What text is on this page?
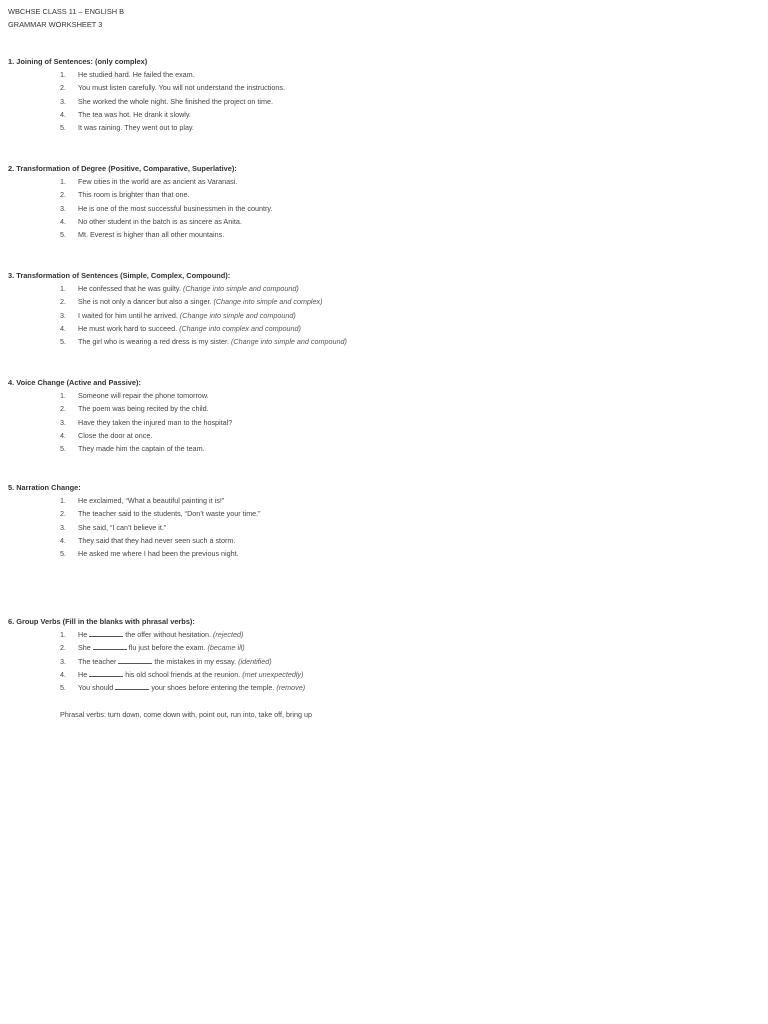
WBCHSE CLASS 11 – ENGLISH B
GRAMMAR WORKSHEET 3
1. Joining of Sentences: (only complex)
1. He studied hard. He failed the exam.
2. You must listen carefully. You will not understand the instructions.
3. She worked the whole night. She finished the project on time.
4. The tea was hot. He drank it slowly.
5. It was raining. They went out to play.
2. Transformation of Degree (Positive, Comparative, Superlative):
1. Few cities in the world are as ancient as Varanasi.
2. This room is brighter than that one.
3. He is one of the most successful businessmen in the country.
4. No other student in the batch is as sincere as Anita.
5. Mt. Everest is higher than all other mountains.
3. Transformation of Sentences (Simple, Complex, Compound):
1. He confessed that he was guilty. (Change into simple and compound)
2. She is not only a dancer but also a singer. (Change into simple and complex)
3. I waited for him until he arrived. (Change into simple and compound)
4. He must work hard to succeed. (Change into complex and compound)
5. The girl who is wearing a red dress is my sister. (Change into simple and compound)
4. Voice Change (Active and Passive):
1. Someone will repair the phone tomorrow.
2. The poem was being recited by the child.
3. Have they taken the injured man to the hospital?
4. Close the door at once.
5. They made him the captain of the team.
5. Narration Change:
1. He exclaimed, “What a beautiful painting it is!”
2. The teacher said to the students, “Don’t waste your time.”
3. She said, “I can’t believe it.”
4. They said that they had never seen such a storm.
5. He asked me where I had been the previous night.
6. Group Verbs (Fill in the blanks with phrasal verbs):
1. He	the offer without hesitation. (rejected)
2. She	flu just before the exam. (became ill)
3. The teacher	the mistakes in my essay. (identified)
4. He	his old school friends at the reunion. (met unexpectedly)
5. You should	your shoes before entering the temple. (remove)
Phrasal verbs: turn down, come down with, point out, run into, take off, bring up
